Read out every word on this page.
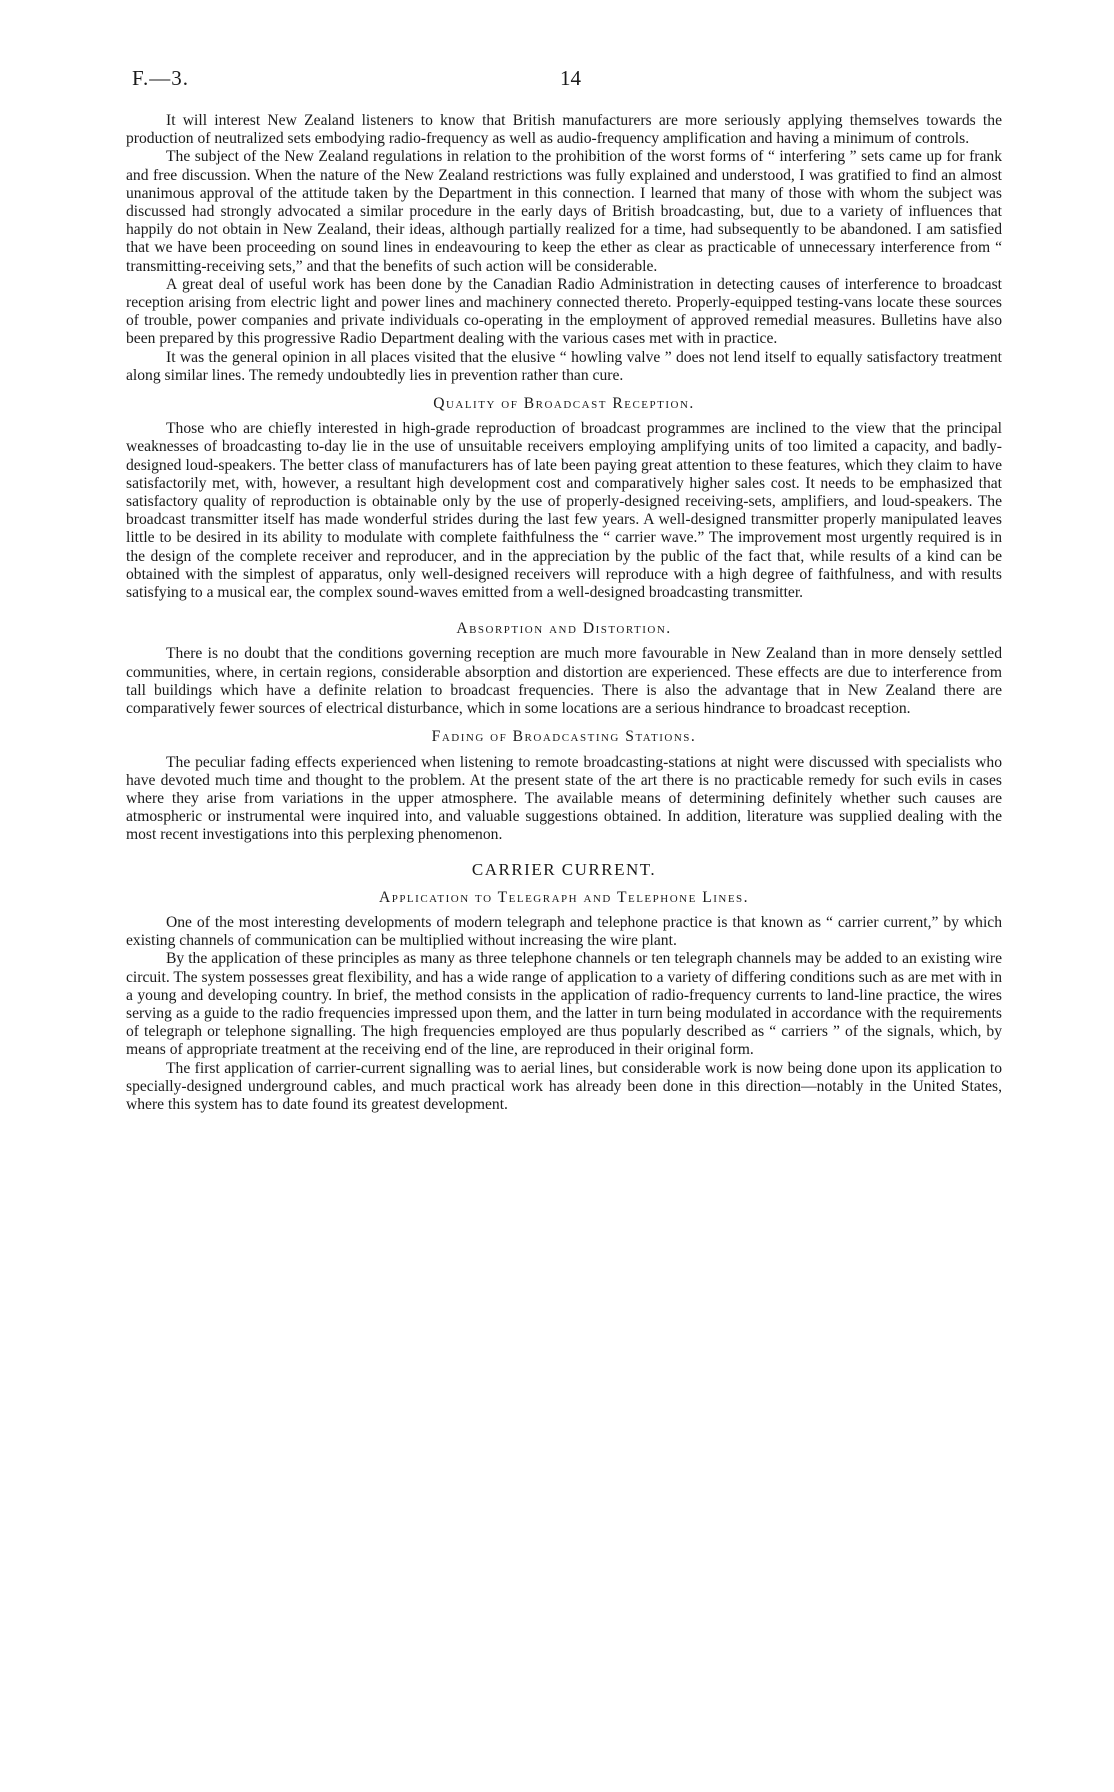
F.—3.	14

It will interest New Zealand listeners to know that British manufacturers are more seriously applying themselves towards the production of neutralized sets embodying radio-frequency as well as audio-frequency amplification and having a minimum of controls.

The subject of the New Zealand regulations in relation to the prohibition of the worst forms of “ interfering ” sets came up for frank and free discussion. When the nature of the New Zealand restrictions was fully explained and understood, I was gratified to find an almost unanimous approval of the attitude taken by the Department in this connection. I learned that many of those with whom the subject was discussed had strongly advocated a similar procedure in the early days of British broadcasting, but, due to a variety of influences that happily do not obtain in New Zealand, their ideas, although partially realized for a time, had subsequently to be abandoned. I am satisfied that we have been proceeding on sound lines in endeavouring to keep the ether as clear as practicable of unnecessary interference from “ transmitting-receiving sets,” and that the benefits of such action will be considerable.

A great deal of useful work has been done by the Canadian Radio Administration in detecting causes of interference to broadcast reception arising from electric light and power lines and machinery connected thereto. Properly-equipped testing-vans locate these sources of trouble, power companies and private individuals co-operating in the employment of approved remedial measures. Bulletins have also been prepared by this progressive Radio Department dealing with the various cases met with in practice.

It was the general opinion in all places visited that the elusive “ howling valve ” does not lend itself to equally satisfactory treatment along similar lines. The remedy undoubtedly lies in prevention rather than cure.

Quality of Broadcast Reception.

Those who are chiefly interested in high-grade reproduction of broadcast programmes are inclined to the view that the principal weaknesses of broadcasting to-day lie in the use of unsuitable receivers employing amplifying units of too limited a capacity, and badly-designed loud-speakers. The better class of manufacturers has of late been paying great attention to these features, which they claim to have satisfactorily met, with, however, a resultant high development cost and comparatively higher sales cost. It needs to be emphasized that satisfactory quality of reproduction is obtainable only by the use of properly-designed receiving-sets, amplifiers, and loud-speakers. The broadcast transmitter itself has made wonderful strides during the last few years. A well-designed transmitter properly manipulated leaves little to be desired in its ability to modulate with complete faithfulness the “ carrier wave.” The improvement most urgently required is in the design of the complete receiver and reproducer, and in the appreciation by the public of the fact that, while results of a kind can be obtained with the simplest of apparatus, only well-designed receivers will reproduce with a high degree of faithfulness, and with results satisfying to a musical ear, the complex sound-waves emitted from a well-designed broadcasting transmitter.

Absorption and Distortion.

There is no doubt that the conditions governing reception are much more favourable in New Zealand than in more densely settled communities, where, in certain regions, considerable absorption and distortion are experienced. These effects are due to interference from tall buildings which have a definite relation to broadcast frequencies. There is also the advantage that in New Zealand there are comparatively fewer sources of electrical disturbance, which in some locations are a serious hindrance to broadcast reception.

Fading of Broadcasting Stations.

The peculiar fading effects experienced when listening to remote broadcasting-stations at night were discussed with specialists who have devoted much time and thought to the problem. At the present state of the art there is no practicable remedy for such evils in cases where they arise from variations in the upper atmosphere. The available means of determining definitely whether such causes are atmospheric or instrumental were inquired into, and valuable suggestions obtained. In addition, literature was supplied dealing with the most recent investigations into this perplexing phenomenon.

CARRIER CURRENT.
Application to Telegraph and Telephone Lines.

One of the most interesting developments of modern telegraph and telephone practice is that known as “ carrier current,” by which existing channels of communication can be multiplied without increasing the wire plant.

By the application of these principles as many as three telephone channels or ten telegraph channels may be added to an existing wire circuit. The system possesses great flexibility, and has a wide range of application to a variety of differing conditions such as are met with in a young and developing country. In brief, the method consists in the application of radio-frequency currents to land-line practice, the wires serving as a guide to the radio frequencies impressed upon them, and the latter in turn being modulated in accordance with the requirements of telegraph or telephone signalling. The high frequencies employed are thus popularly described as “ carriers ” of the signals, which, by means of appropriate treatment at the receiving end of the line, are reproduced in their original form.

The first application of carrier-current signalling was to aerial lines, but considerable work is now being done upon its application to specially-designed underground cables, and much practical work has already been done in this direction—notably in the United States, where this system has to date found its greatest development.
